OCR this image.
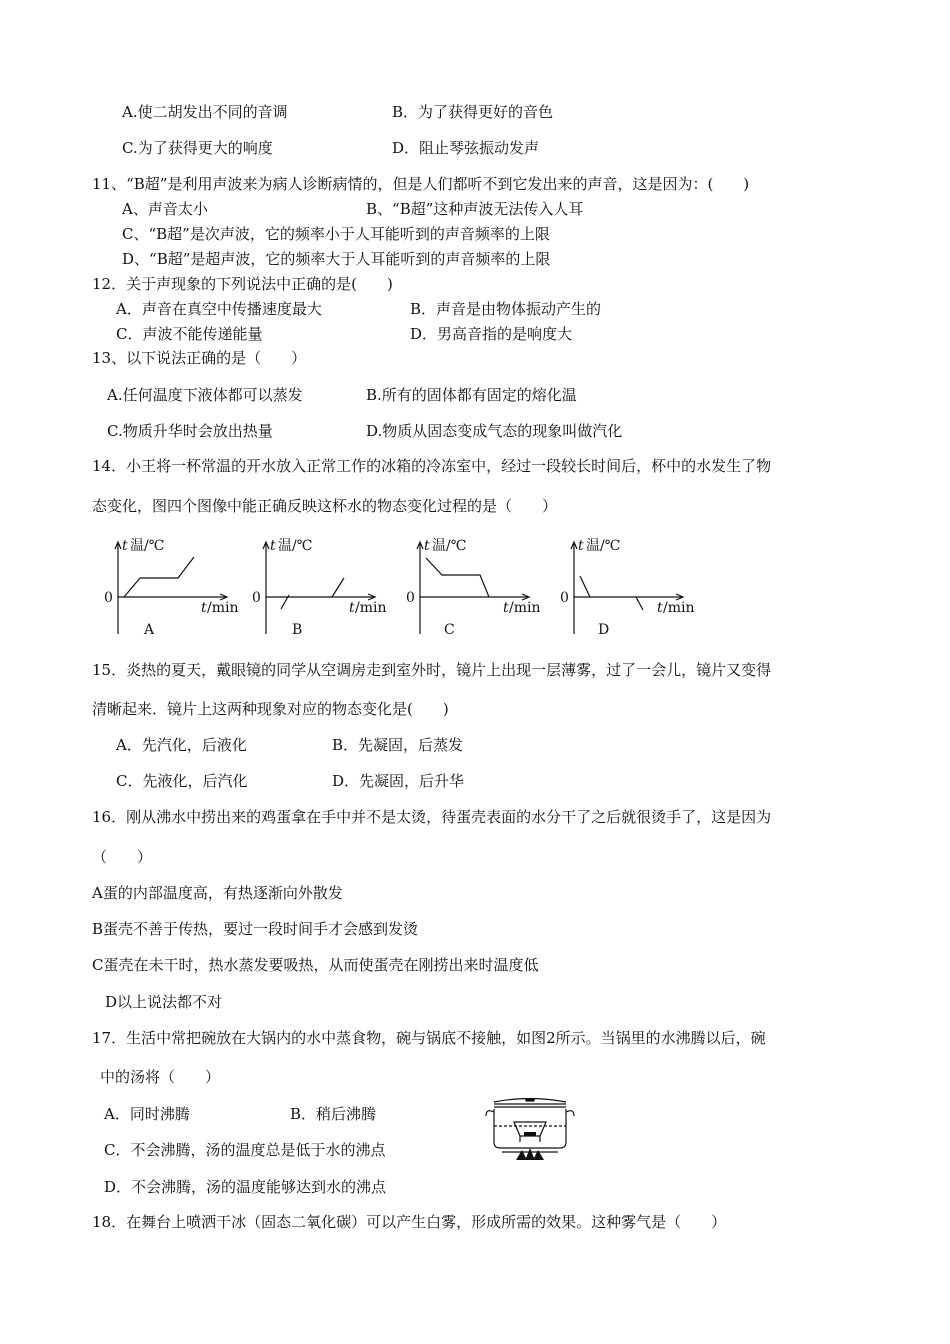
A.使二胡发出不同的音调	B．为了获得更好的音色
C.为了获得更大的响度	D．阻止琴弦振动发声
11、“B超”是利用声波来为病人诊断病情的，但是人们都听不到它发出来的声音，这是因为：(　　)
A、声音太小	B、“B超”这种声波无法传入人耳
C、“B超”是次声波，它的频率小于人耳能听到的声音频率的上限
D、“B超”是超声波，它的频率大于人耳能听到的声音频率的上限
12．关于声现象的下列说法中正确的是(　　)
A．声音在真空中传播速度最大	B．声音是由物体振动产生的
C．声波不能传递能量	D．男高音指的是响度大
13、以下说法正确的是（　　）
A.任何温度下液体都可以蒸发	B.所有的固体都有固定的熔化温
C.物质升华时会放出热量	D.物质从固态变成气态的现象叫做汽化
14．小王将一杯常温的开水放入正常工作的冰箱的冷冻室中，经过一段较长时间后，杯中的水发生了物
态变化，图四个图像中能正确反映这杯水的物态变化过程的是（　　）
t 温/℃
0
t /min
A
t 温/℃
0
t /min
B
t 温/℃
0
t /min
C
t 温/℃
0
t /min
D
15．炎热的夏天，戴眼镜的同学从空调房走到室外时，镜片上出现一层薄雾，过了一会儿，镜片又变得
清晰起来．镜片上这两种现象对应的物态变化是(　　)
A．先汽化，后液化	B．先凝固，后蒸发
C．先液化，后汽化	D．先凝固，后升华
16．刚从沸水中捞出来的鸡蛋拿在手中并不是太烫，待蛋壳表面的水分干了之后就很烫手了，这是因为
（　　）
A蛋的内部温度高，有热逐渐向外散发
B蛋壳不善于传热，要过一段时间手才会感到发烫
C蛋壳在未干时，热水蒸发要吸热，从而使蛋壳在刚捞出来时温度低
D以上说法都不对
17．生活中常把碗放在大锅内的水中蒸食物，碗与锅底不接触，如图2所示。当锅里的水沸腾以后，碗
中的汤将（　　）
A．同时沸腾	B．稍后沸腾
C．不会沸腾，汤的温度总是低于水的沸点
D．不会沸腾，汤的温度能够达到水的沸点
18．在舞台上喷洒干冰（固态二氧化碳）可以产生白雾，形成所需的效果。这种雾气是（　　）
